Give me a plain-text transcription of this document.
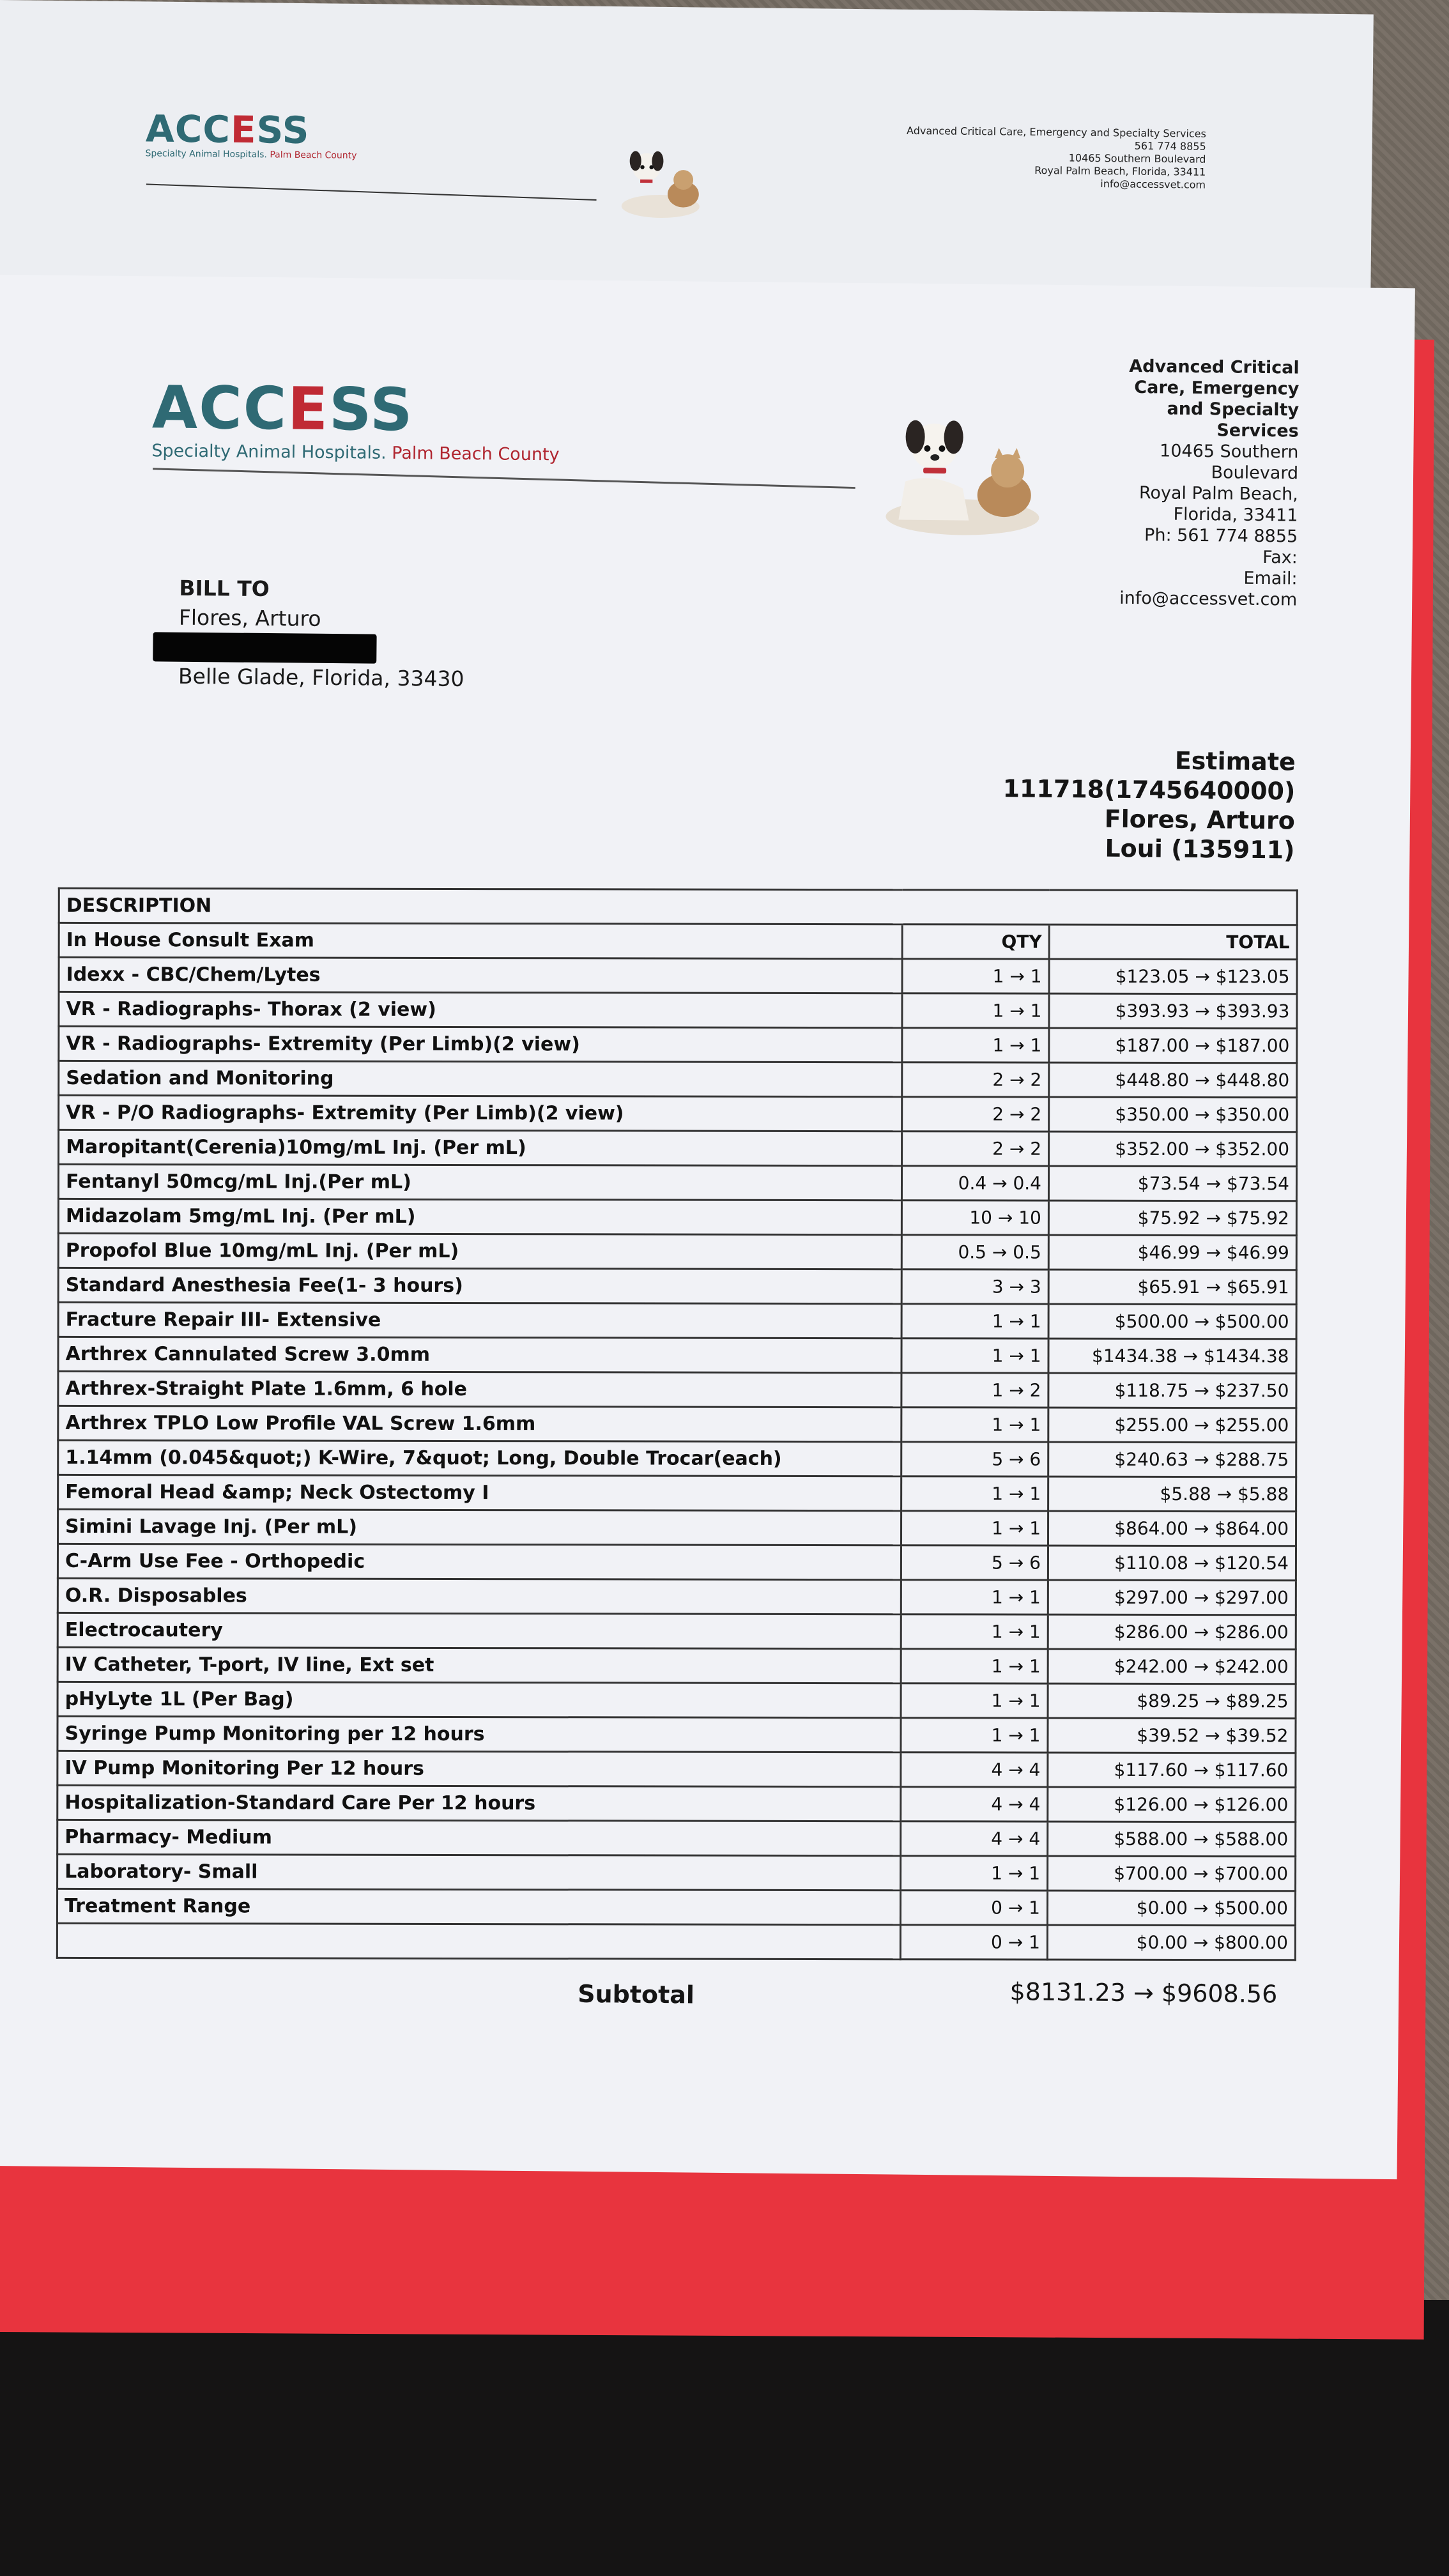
ACCESS
Specialty Animal Hospitals. Palm Beach County
Advanced Critical Care, Emergency and Specialty Services
561 774 8855
10465 Southern Boulevard
Royal Palm Beach, Florida, 33411
info@accessvet.com
ACCESS
Specialty Animal Hospitals. Palm Beach County
Advanced Critical
Care, Emergency
and Specialty
Services
10465 Southern
Boulevard
Royal Palm Beach,
Florida, 33411
Ph: 561 774 8855
Fax:
Email:
info@accessvet.com
BILL TO
Flores, Arturo
Belle Glade, Florida, 33430
Estimate
111718(1745640000)
Flores, Arturo
Loui (135911)
DESCRIPTION		
In House Consult Exam	QTY	TOTAL
Idexx - CBC/Chem/Lytes	1 → 1	$123.05 → $123.05
VR - Radiographs- Thorax (2 view)	1 → 1	$393.93 → $393.93
VR - Radiographs- Extremity (Per Limb)(2 view)	1 → 1	$187.00 → $187.00
Sedation and Monitoring	2 → 2	$448.80 → $448.80
VR - P/O Radiographs- Extremity (Per Limb)(2 view)	2 → 2	$350.00 → $350.00
Maropitant(Cerenia)10mg/mL Inj. (Per mL)	2 → 2	$352.00 → $352.00
Fentanyl 50mcg/mL Inj.(Per mL)	0.4 → 0.4	$73.54 → $73.54
Midazolam 5mg/mL Inj. (Per mL)	10 → 10	$75.92 → $75.92
Propofol Blue 10mg/mL Inj. (Per mL)	0.5 → 0.5	$46.99 → $46.99
Standard Anesthesia Fee(1- 3 hours)	3 → 3	$65.91 → $65.91
Fracture Repair III- Extensive	1 → 1	$500.00 → $500.00
Arthrex Cannulated Screw 3.0mm	1 → 1	$1434.38 → $1434.38
Arthrex-Straight Plate 1.6mm, 6 hole	1 → 2	$118.75 → $237.50
Arthrex TPLO Low Profile VAL Screw 1.6mm	1 → 1	$255.00 → $255.00
1.14mm (0.045&quot;) K-Wire, 7&quot; Long, Double Trocar(each)	5 → 6	$240.63 → $288.75
Femoral Head &amp; Neck Ostectomy I	1 → 1	$5.88 → $5.88
Simini Lavage Inj. (Per mL)	1 → 1	$864.00 → $864.00
C-Arm Use Fee - Orthopedic	5 → 6	$110.08 → $120.54
O.R. Disposables	1 → 1	$297.00 → $297.00
Electrocautery	1 → 1	$286.00 → $286.00
IV Catheter, T-port, IV line, Ext set	1 → 1	$242.00 → $242.00
pHyLyte 1L (Per Bag)	1 → 1	$89.25 → $89.25
Syringe Pump Monitoring per 12 hours	1 → 1	$39.52 → $39.52
IV Pump Monitoring Per 12 hours	4 → 4	$117.60 → $117.60
Hospitalization-Standard Care Per 12 hours	4 → 4	$126.00 → $126.00
Pharmacy- Medium	4 → 4	$588.00 → $588.00
Laboratory- Small	1 → 1	$700.00 → $700.00
Treatment Range	0 → 1	$0.00 → $500.00
	0 → 1	$0.00 → $800.00
Subtotal	$8131.23 → $9608.56
